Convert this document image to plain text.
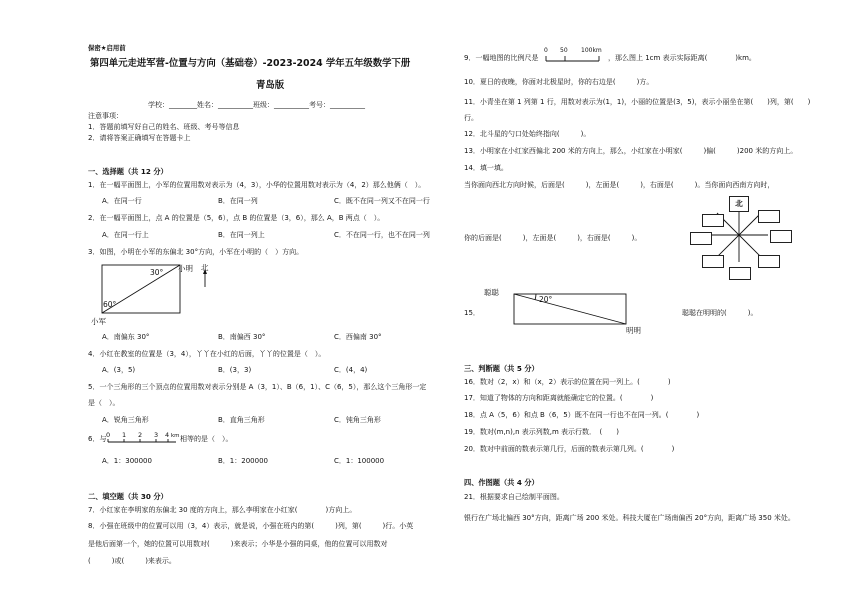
保密★启用前
第四单元走进军营-位置与方向（基础卷）-2023-2024 学年五年级数学下册
青岛版
学校：________姓名：__________班级：__________考号：__________
注意事项：
1．答题前填写好自己的姓名、班级、考号等信息
2．请将答案正确填写在答题卡上
一、选择题（共 12 分）
1．在一幅平面图上，小军的位置用数对表示为（4，3），小华的位置用数对表示为（4，2）那么他俩（　）。
A．在同一行	B．在同一列	C．既不在同一列又不在同一行
2．在一幅平面图上，点 A 的位置是（5，6），点 B 的位置是（3，6），那么 A，B 两点（　）。
A．在同一行上	B．在同一列上	C．不在同一行，也不在同一列
3．如图，小明在小军的东偏北 30°方向，小军在小明的（　）方向。
30°
60°
小明 北
小军
A．南偏东 30°	B．南偏西 30°	C．西偏南 30°
4．小红在教室的位置是（3，4），丫丫在小红的后面，丫丫的位置是（　）。
A．(3，5)	B．(3，3)	C．(4，4)
5．一个三角形的三个顶点的位置用数对表示分别是 A（3，1）、B（6，1）、C（6，5），那么这个三角形一定
是（　）。
A．锐角三角形	B．直角三角形	C．钝角三角形
6．与 0 1 2 3 4 km 相等的是（　）。
A．1：300000	B．1：200000	C．1：100000
二、填空题（共 30 分）
7．小红家在李明家的东偏北 30 度的方向上，那么李明家在小红家(　　　　)方向上。
8．小强在班级中的位置可以用（3，4）表示，就是说，小强在班内的第(　　　)列，第(　　　)行。小英
是他后面第一个，她的位置可以用数对(　　　)来表示；小华是小强的同桌，他的位置可以用数对
(　　　)或(　　　)来表示。
9．一幅地图的比例尺是
0 50 100km
，那么图上 1cm 表示实际距离(　　　　)km。
10．夏日的夜晚，你面对北极星时，你的右边是(　　　)方。
11．小青坐在第 1 列第 1 行，用数对表示为(1，1)，小丽的位置是(3，5)，表示小丽坐在第(　　)列，第(　　)
行。
12．北斗星的勺口处始终指向(　　　)。
13．小明家在小红家西偏北 200 米的方向上，那么，小红家在小明家(　　　)偏(　　　)200 米的方向上。
14．填一填。
当你面向西北方向时候，后面是(　　　)，左面是(　　　)，右面是(　　　)。当你面向西南方向时，
北
你的后面是(　　　)，左面是(　　　)，右面是(　　　)。
15．
聪聪
20°
明明
聪聪在明明的(　　　)。
三、判断题（共 5 分）
16．数对（2，x）和（x，2）表示的位置在同一列上。(　　　　)
17．知道了物体的方向和距离就能确定它的位置。(　　　　)
18．点 A（5，6）和点 B（6，5）既不在同一行也不在同一列。(　　　　)
19．数对(m,n),n 表示列数,m 表示行数．　(　　)
20．数对中前面的数表示第几行，后面的数表示第几列。(　　　　)
四、作图题（共 4 分）
21．根据要求自己绘制平面图。
银行在广场北偏西 30°方向，距离广场 200 米处。科技大厦在广场南偏西 20°方向，距离广场 350 米处。
